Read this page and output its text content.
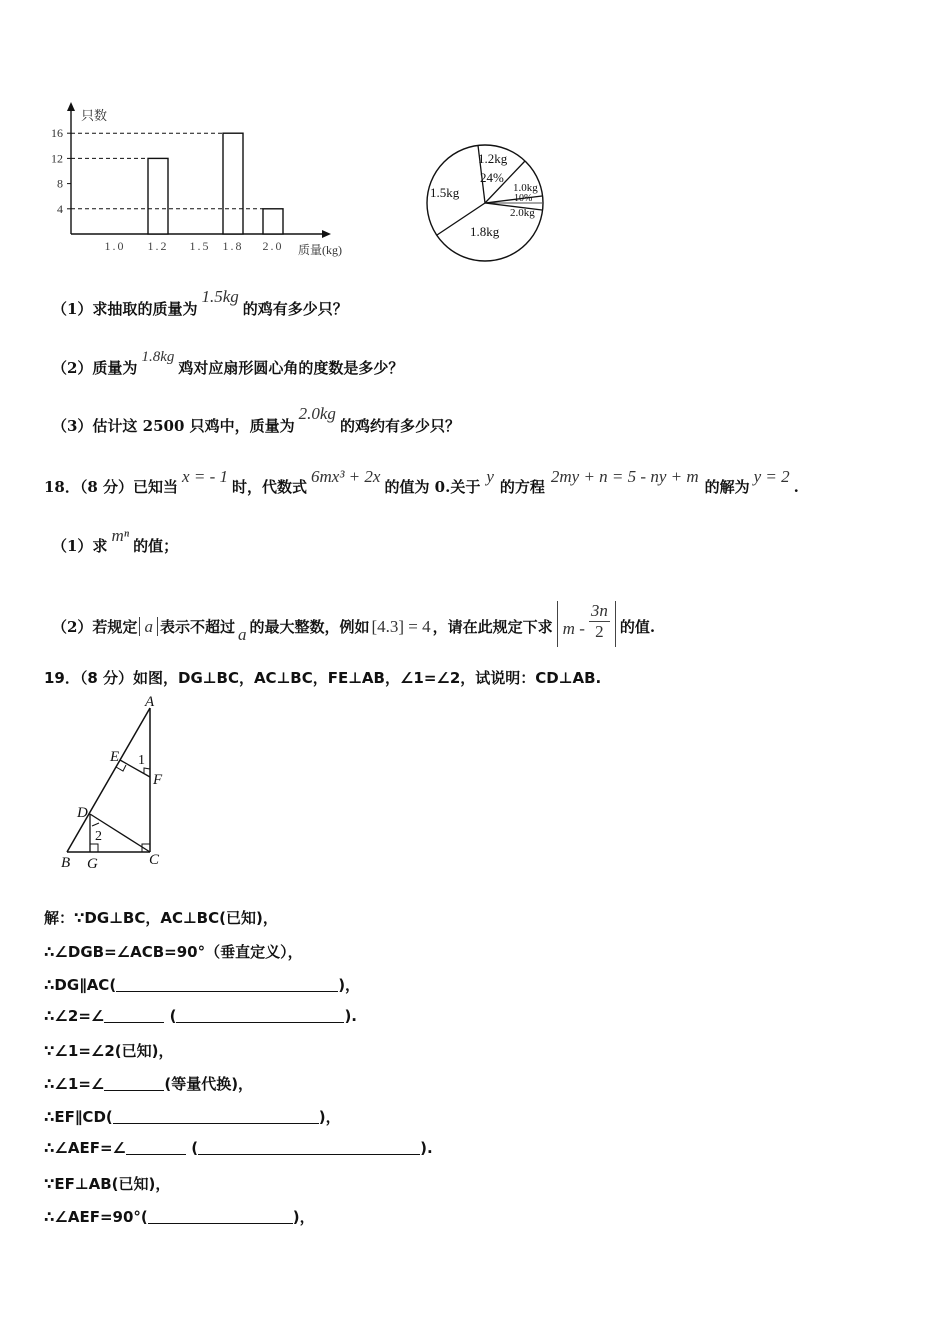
4
8
12
16
1.0 1.2 1.5 1.8 2.0
只数
质量(kg)
1.2kg
24%
1.0kg
10%
2.0kg
1.8kg
1.5kg
（1）求抽取的质量为1.5kg的鸡有多少只？
（2）质量为1.8kg鸡对应扇形圆心角的度数是多少？
（3）估计这 2500 只鸡中，质量为2.0kg的鸡约有多少只？
18．（8 分）已知当x = - 1时，代数式6mx³ + 2x的值为 0.关于y的方程2my + n = 5 - ny + m的解为y = 2.
（1）求mⁿ的值；
（2）若规定 a 表示不超过 a 的最大整数，例如 [4.3] = 4 ，请在此规定下求 m - $\frac{3n}{2}$ 的值.
19．（8 分）如图，DG⊥BC，AC⊥BC，FE⊥AB，∠1=∠2，试说明：CD⊥AB.
A
E 1
F
D
2
B G	C
解：∵DG⊥BC，AC⊥BC(已知)，
∴∠DGB=∠ACB=90°（垂直定义），
∴DG∥AC(	)，
∴∠2=∠	(	).
∵∠1=∠2(已知)，
∴∠1=∠	(等量代换)，
∴EF∥CD(	)，
∴∠AEF=∠	(	).
∵EF⊥AB(已知)，
∴∠AEF=90°(	)，
